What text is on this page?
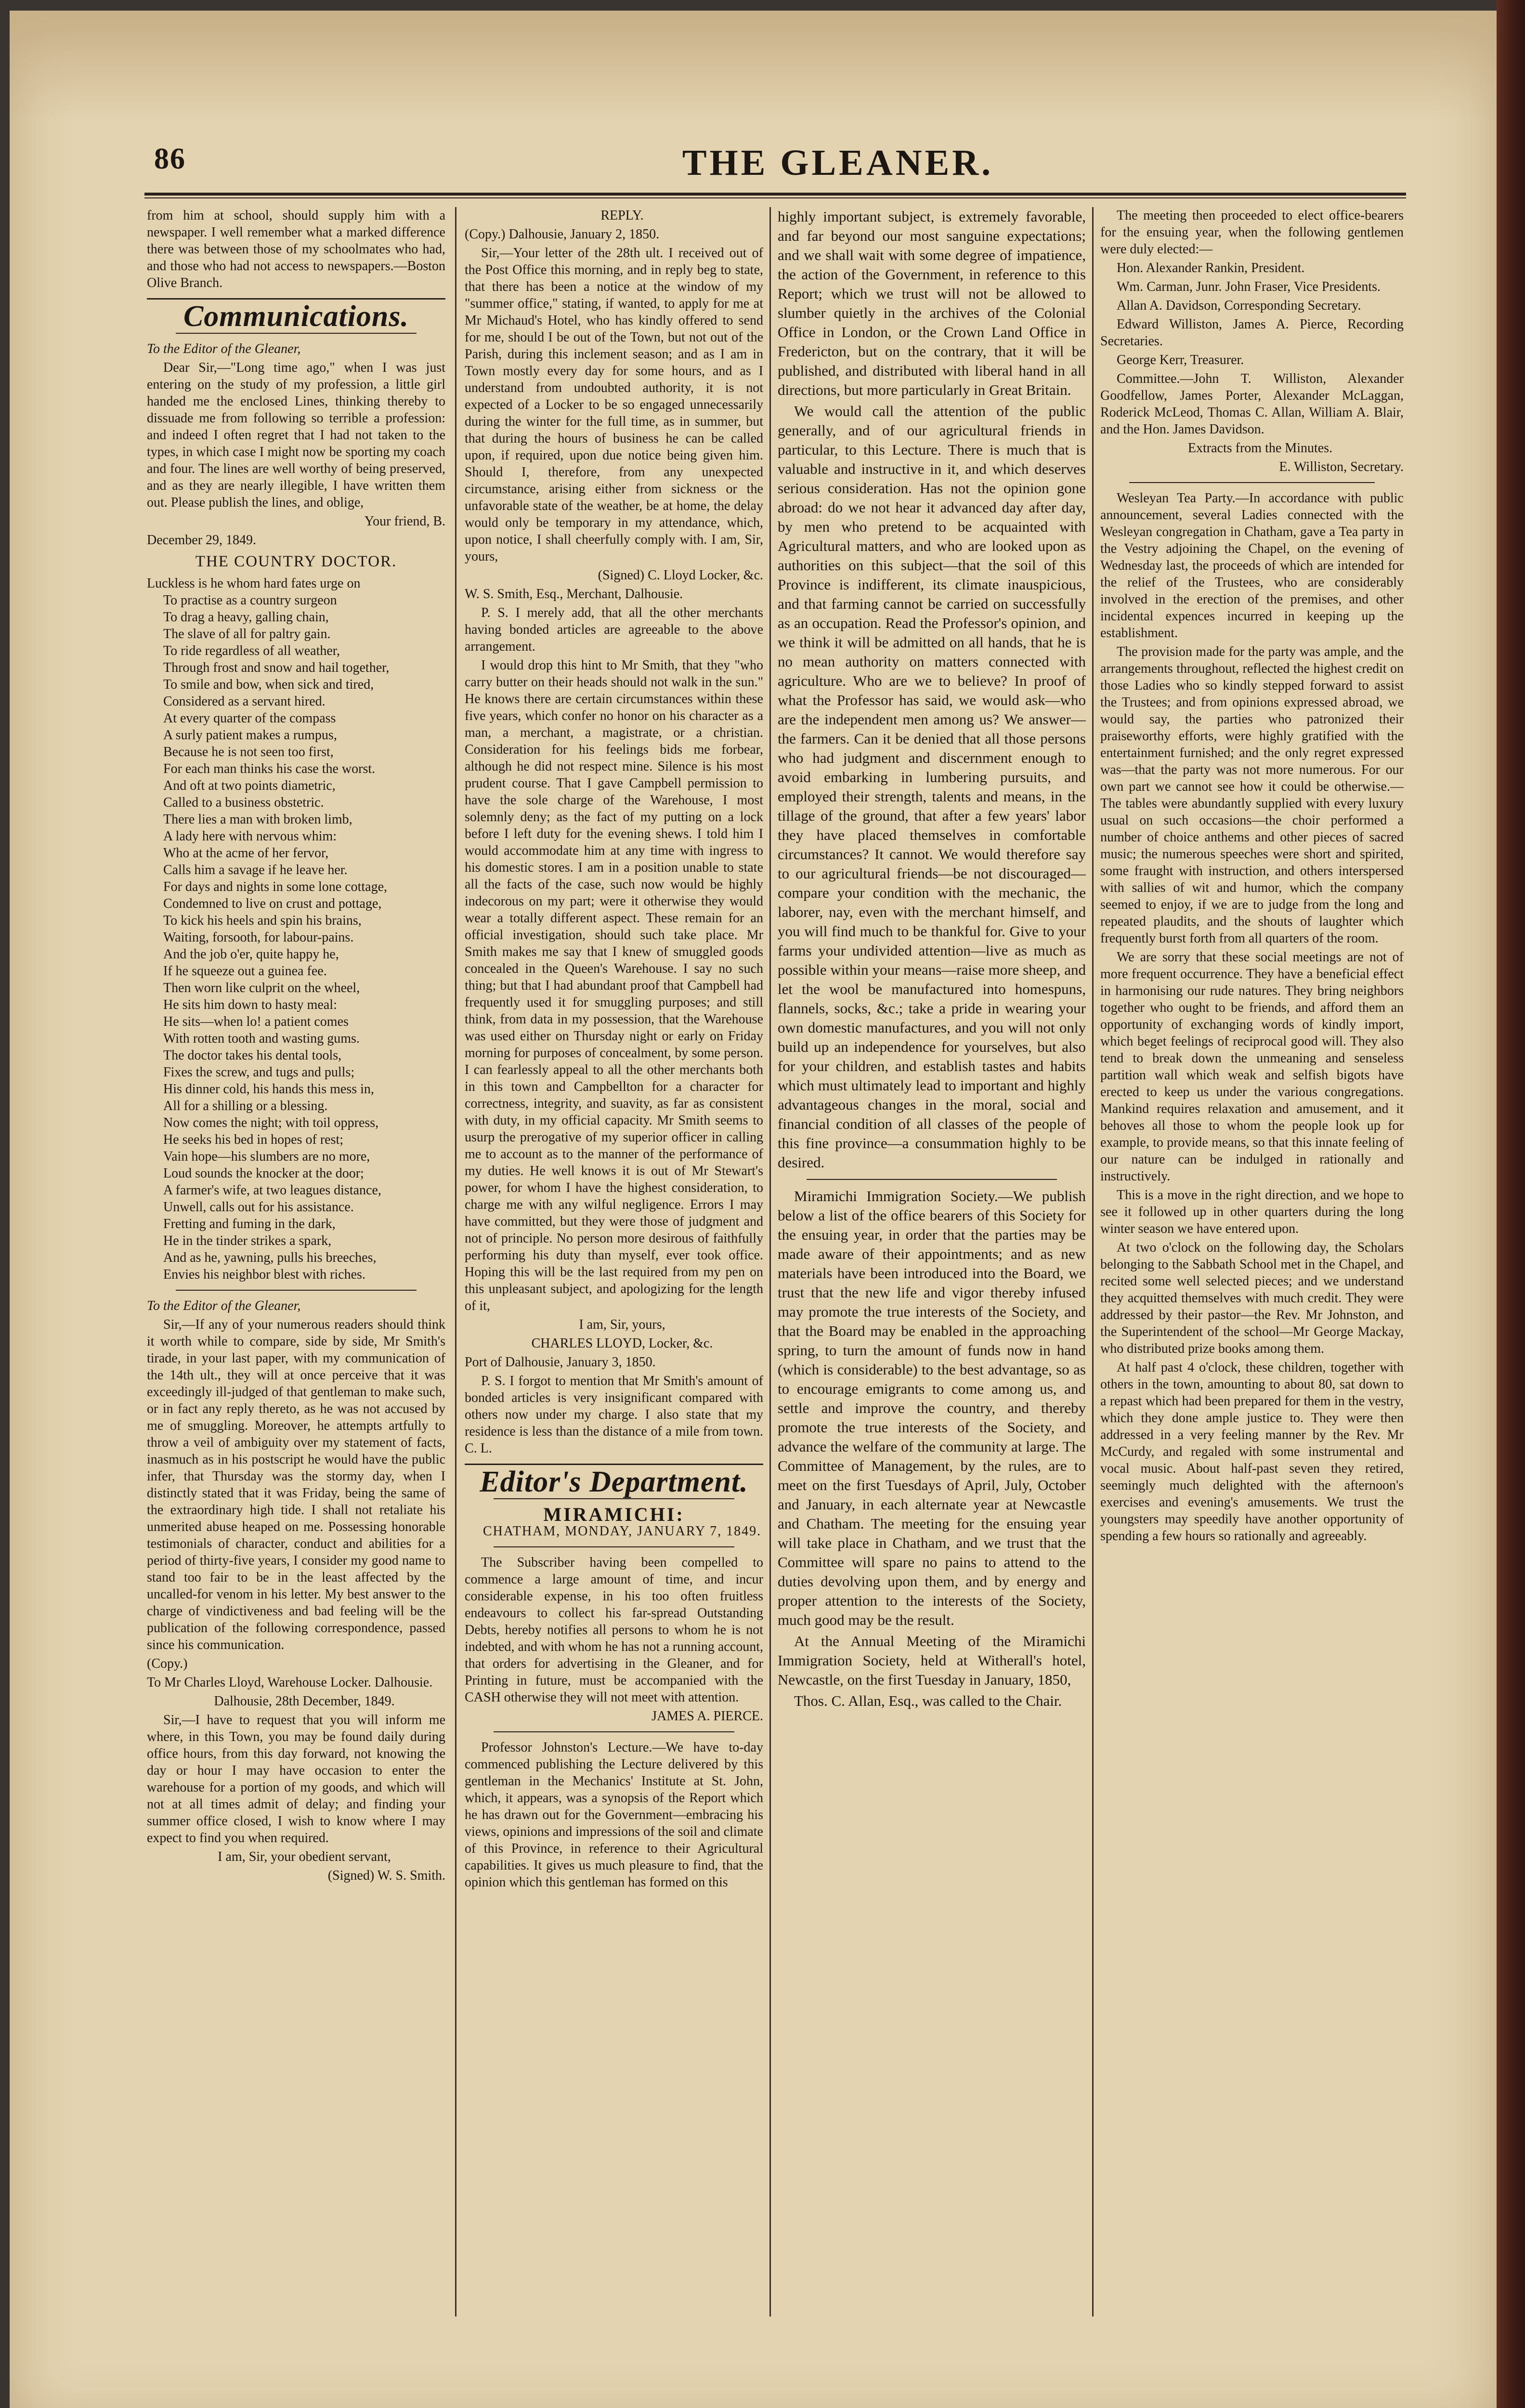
86	THE GLEANER.

from him at school, should supply him with a newspaper. I well remember what a marked difference there was between those of my schoolmates who had, and those who had not access to newspapers.—Boston Olive Branch.

Communications.

To the Editor of the Gleaner,

Dear Sir,—"Long time ago," when I was just entering on the study of my profession, a little girl handed me the enclosed Lines, thinking thereby to dissuade me from following so terrible a profession: and indeed I often regret that I had not taken to the types, in which case I might now be sporting my coach and four. The lines are well worthy of being preserved, and as they are nearly illegible, I have written them out. Please publish the lines, and oblige,

Your friend, B.

December 29, 1849.

THE COUNTRY DOCTOR.

Luckless is he whom hard fates urge on

To practise as a country surgeon

To drag a heavy, galling chain,

The slave of all for paltry gain.

To ride regardless of all weather,

Through frost and snow and hail together,

To smile and bow, when sick and tired,

Considered as a servant hired.

At every quarter of the compass

A surly patient makes a rumpus,

Because he is not seen too first,

For each man thinks his case the worst.

And oft at two points diametric,

Called to a business obstetric.

There lies a man with broken limb,

A lady here with nervous whim:

Who at the acme of her fervor,

Calls him a savage if he leave her.

For days and nights in some lone cottage,

Condemned to live on crust and pottage,

To kick his heels and spin his brains,

Waiting, forsooth, for labour-pains.

And the job o'er, quite happy he,

If he squeeze out a guinea fee.

Then worn like culprit on the wheel,

He sits him down to hasty meal:

He sits—when lo! a patient comes

With rotten tooth and wasting gums.

The doctor takes his dental tools,

Fixes the screw, and tugs and pulls;

His dinner cold, his hands this mess in,

All for a shilling or a blessing.

Now comes the night; with toil oppress,

He seeks his bed in hopes of rest;

Vain hope—his slumbers are no more,

Loud sounds the knocker at the door;

A farmer's wife, at two leagues distance,

Unwell, calls out for his assistance.

Fretting and fuming in the dark,

He in the tinder strikes a spark,

And as he, yawning, pulls his breeches,

Envies his neighbor blest with riches.

To the Editor of the Gleaner,

Sir,—If any of your numerous readers should think it worth while to compare, side by side, Mr Smith's tirade, in your last paper, with my communication of the 14th ult., they will at once perceive that it was exceedingly ill-judged of that gentleman to make such, or in fact any reply thereto, as he was not accused by me of smuggling. Moreover, he attempts artfully to throw a veil of ambiguity over my statement of facts, inasmuch as in his postscript he would have the public infer, that Thursday was the stormy day, when I distinctly stated that it was Friday, being the same of the extraordinary high tide. I shall not retaliate his unmerited abuse heaped on me. Possessing honorable testimonials of character, conduct and abilities for a period of thirty-five years, I consider my good name to stand too fair to be in the least affected by the uncalled-for venom in his letter. My best answer to the charge of vindictiveness and bad feeling will be the publication of the following correspondence, passed since his communication.

(Copy.)

To Mr Charles Lloyd, Warehouse Locker. Dalhousie.

Dalhousie, 28th December, 1849.

Sir,—I have to request that you will inform me where, in this Town, you may be found daily during office hours, from this day forward, not knowing the day or hour I may have occasion to enter the warehouse for a portion of my goods, and which will not at all times admit of delay; and finding your summer office closed, I wish to know where I may expect to find you when required.

I am, Sir, your obedient servant,

(Signed) W. S. Smith.

REPLY.

(Copy.) Dalhousie, January 2, 1850.

Sir,—Your letter of the 28th ult. I received out of the Post Office this morning, and in reply beg to state, that there has been a notice at the window of my "summer office," stating, if wanted, to apply for me at Mr Michaud's Hotel, who has kindly offered to send for me, should I be out of the Town, but not out of the Parish, during this inclement season; and as I am in Town mostly every day for some hours, and as I understand from undoubted authority, it is not expected of a Locker to be so engaged unnecessarily during the winter for the full time, as in summer, but that during the hours of business he can be called upon, if required, upon due notice being given him. Should I, therefore, from any unexpected circumstance, arising either from sickness or the unfavorable state of the weather, be at home, the delay would only be temporary in my attendance, which, upon notice, I shall cheerfully comply with. I am, Sir, yours,

(Signed) C. Lloyd Locker, &c.

W. S. Smith, Esq., Merchant, Dalhousie.

P. S. I merely add, that all the other merchants having bonded articles are agreeable to the above arrangement.

I would drop this hint to Mr Smith, that they "who carry butter on their heads should not walk in the sun." He knows there are certain circumstances within these five years, which confer no honor on his character as a man, a merchant, a magistrate, or a christian. Consideration for his feelings bids me forbear, although he did not respect mine. Silence is his most prudent course. That I gave Campbell permission to have the sole charge of the Warehouse, I most solemnly deny; as the fact of my putting on a lock before I left duty for the evening shews. I told him I would accommodate him at any time with ingress to his domestic stores. I am in a position unable to state all the facts of the case, such now would be highly indecorous on my part; were it otherwise they would wear a totally different aspect. These remain for an official investigation, should such take place. Mr Smith makes me say that I knew of smuggled goods concealed in the Queen's Warehouse. I say no such thing; but that I had abundant proof that Campbell had frequently used it for smuggling purposes; and still think, from data in my possession, that the Warehouse was used either on Thursday night or early on Friday morning for purposes of concealment, by some person. I can fearlessly appeal to all the other merchants both in this town and Campbellton for a character for correctness, integrity, and suavity, as far as consistent with duty, in my official capacity. Mr Smith seems to usurp the prerogative of my superior officer in calling me to account as to the manner of the performance of my duties. He well knows it is out of Mr Stewart's power, for whom I have the highest consideration, to charge me with any wilful negligence. Errors I may have committed, but they were those of judgment and not of principle. No person more desirous of faithfully performing his duty than myself, ever took office. Hoping this will be the last required from my pen on this unpleasant subject, and apologizing for the length of it,

I am, Sir, yours,

CHARLES LLOYD, Locker, &c.

Port of Dalhousie, January 3, 1850.

P. S. I forgot to mention that Mr Smith's amount of bonded articles is very insignificant compared with others now under my charge. I also state that my residence is less than the distance of a mile from town. C. L.

Editor's Department.
MIRAMICHI:

CHATHAM, MONDAY, JANUARY 7, 1849.

The Subscriber having been compelled to commence a large amount of time, and incur considerable expense, in his too often fruitless endeavours to collect his far-spread Outstanding Debts, hereby notifies all persons to whom he is not indebted, and with whom he has not a running account, that orders for advertising in the Gleaner, and for Printing in future, must be accompanied with the CASH otherwise they will not meet with attention.

JAMES A. PIERCE.

Professor Johnston's Lecture.—We have to-day commenced publishing the Lecture delivered by this gentleman in the Mechanics' Institute at St. John, which, it appears, was a synopsis of the Report which he has drawn out for the Government—embracing his views, opinions and impressions of the soil and climate of this Province, in reference to their Agricultural capabilities. It gives us much pleasure to find, that the opinion which this gentleman has formed on this

highly important subject, is extremely favorable, and far beyond our most sanguine expectations; and we shall wait with some degree of impatience, the action of the Government, in reference to this Report; which we trust will not be allowed to slumber quietly in the archives of the Colonial Office in London, or the Crown Land Office in Fredericton, but on the contrary, that it will be published, and distributed with liberal hand in all directions, but more particularly in Great Britain.

We would call the attention of the public generally, and of our agricultural friends in particular, to this Lecture. There is much that is valuable and instructive in it, and which deserves serious consideration. Has not the opinion gone abroad: do we not hear it advanced day after day, by men who pretend to be acquainted with Agricultural matters, and who are looked upon as authorities on this subject—that the soil of this Province is indifferent, its climate inauspicious, and that farming cannot be carried on successfully as an occupation. Read the Professor's opinion, and we think it will be admitted on all hands, that he is no mean authority on matters connected with agriculture. Who are we to believe? In proof of what the Professor has said, we would ask—who are the independent men among us? We answer—the farmers. Can it be denied that all those persons who had judgment and discernment enough to avoid embarking in lumbering pursuits, and employed their strength, talents and means, in the tillage of the ground, that after a few years' labor they have placed themselves in comfortable circumstances? It cannot. We would therefore say to our agricultural friends—be not discouraged—compare your condition with the mechanic, the laborer, nay, even with the merchant himself, and you will find much to be thankful for. Give to your farms your undivided attention—live as much as possible within your means—raise more sheep, and let the wool be manufactured into homespuns, flannels, socks, &c.; take a pride in wearing your own domestic manufactures, and you will not only build up an independence for yourselves, but also for your children, and establish tastes and habits which must ultimately lead to important and highly advantageous changes in the moral, social and financial condition of all classes of the people of this fine province—a consummation highly to be desired.

Miramichi Immigration Society.—We publish below a list of the office bearers of this Society for the ensuing year, in order that the parties may be made aware of their appointments; and as new materials have been introduced into the Board, we trust that the new life and vigor thereby infused may promote the true interests of the Society, and that the Board may be enabled in the approaching spring, to turn the amount of funds now in hand (which is considerable) to the best advantage, so as to encourage emigrants to come among us, and settle and improve the country, and thereby promote the true interests of the Society, and advance the welfare of the community at large. The Committee of Management, by the rules, are to meet on the first Tuesdays of April, July, October and January, in each alternate year at Newcastle and Chatham. The meeting for the ensuing year will take place in Chatham, and we trust that the Committee will spare no pains to attend to the duties devolving upon them, and by energy and proper attention to the interests of the Society, much good may be the result.

At the Annual Meeting of the Miramichi Immigration Society, held at Witherall's hotel, Newcastle, on the first Tuesday in January, 1850,

Thos. C. Allan, Esq., was called to the Chair.

The meeting then proceeded to elect office-bearers for the ensuing year, when the following gentlemen were duly elected:—

Hon. Alexander Rankin, President.

Wm. Carman, Junr. John Fraser, Vice Presidents.

Allan A. Davidson, Corresponding Secretary.

Edward Williston, James A. Pierce, Recording Secretaries.

George Kerr, Treasurer.

Committee.—John T. Williston, Alexander Goodfellow, James Porter, Alexander McLaggan, Roderick McLeod, Thomas C. Allan, William A. Blair, and the Hon. James Davidson.

Extracts from the Minutes.

E. Williston, Secretary.

Wesleyan Tea Party.—In accordance with public announcement, several Ladies connected with the Wesleyan congregation in Chatham, gave a Tea party in the Vestry adjoining the Chapel, on the evening of Wednesday last, the proceeds of which are intended for the relief of the Trustees, who are considerably involved in the erection of the premises, and other incidental expences incurred in keeping up the establishment.

The provision made for the party was ample, and the arrangements throughout, reflected the highest credit on those Ladies who so kindly stepped forward to assist the Trustees; and from opinions expressed abroad, we would say, the parties who patronized their praiseworthy efforts, were highly gratified with the entertainment furnished; and the only regret expressed was—that the party was not more numerous. For our own part we cannot see how it could be otherwise.—The tables were abundantly supplied with every luxury usual on such occasions—the choir performed a number of choice anthems and other pieces of sacred music; the numerous speeches were short and spirited, some fraught with instruction, and others interspersed with sallies of wit and humor, which the company seemed to enjoy, if we are to judge from the long and repeated plaudits, and the shouts of laughter which frequently burst forth from all quarters of the room.

We are sorry that these social meetings are not of more frequent occurrence. They have a beneficial effect in harmonising our rude natures. They bring neighbors together who ought to be friends, and afford them an opportunity of exchanging words of kindly import, which beget feelings of reciprocal good will. They also tend to break down the unmeaning and senseless partition wall which weak and selfish bigots have erected to keep us under the various congregations. Mankind requires relaxation and amusement, and it behoves all those to whom the people look up for example, to provide means, so that this innate feeling of our nature can be indulged in rationally and instructively.

This is a move in the right direction, and we hope to see it followed up in other quarters during the long winter season we have entered upon.

At two o'clock on the following day, the Scholars belonging to the Sabbath School met in the Chapel, and recited some well selected pieces; and we understand they acquitted themselves with much credit. They were addressed by their pastor—the Rev. Mr Johnston, and the Superintendent of the school—Mr George Mackay, who distributed prize books among them.

At half past 4 o'clock, these children, together with others in the town, amounting to about 80, sat down to a repast which had been prepared for them in the vestry, which they done ample justice to. They were then addressed in a very feeling manner by the Rev. Mr McCurdy, and regaled with some instrumental and vocal music. About half-past seven they retired, seemingly much delighted with the afternoon's exercises and evening's amusements. We trust the youngsters may speedily have another opportunity of spending a few hours so rationally and agreeably.
